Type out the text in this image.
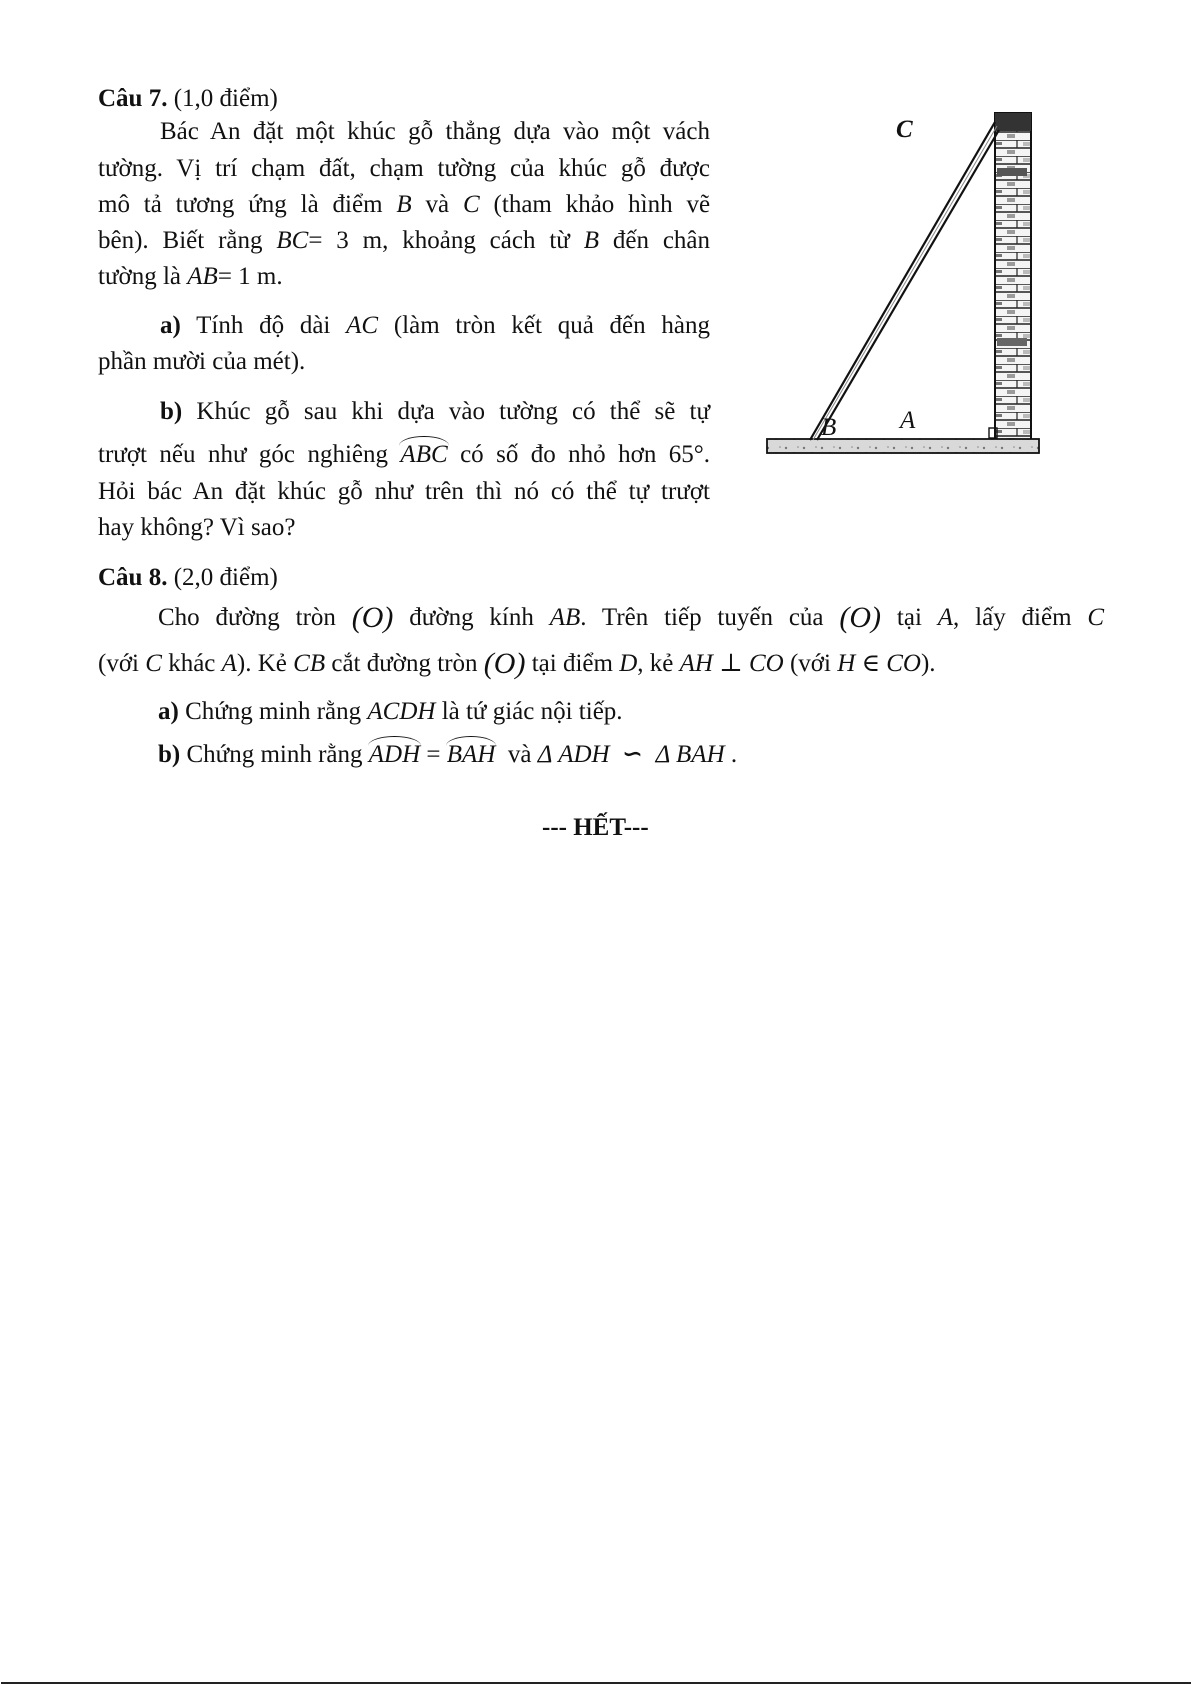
Câu 7. (1,0 điểm)
Bác An đặt một khúc gỗ thẳng dựa vào một vách
tường. Vị trí chạm đất, chạm tường của khúc gỗ được
mô tả tương ứng là điểm B và C (tham khảo hình vẽ
bên). Biết rằng BC= 3 m, khoảng cách từ B đến chân
tường là AB= 1 m.
a) Tính độ dài AC (làm tròn kết quả đến hàng
phần mười của mét).
b) Khúc gỗ sau khi dựa vào tường có thể sẽ tự
trượt nếu như góc nghiêng ABC có số đo nhỏ hơn 65°.
Hỏi bác An đặt khúc gỗ như trên thì nó có thể tự trượt
hay không? Vì sao?
C
B	A
Câu 8. (2,0 điểm)
Cho đường tròn (O) đường kính AB. Trên tiếp tuyến của (O) tại A, lấy điểm C
(với C khác A). Kẻ CB cắt đường tròn (O) tại điểm D, kẻ AH ⊥ CO (với H ∈ CO).
a) Chứng minh rằng ACDH là tứ giác nội tiếp.
b) Chứng minh rằng ADH = BAH và Δ ADH ∽ Δ BAH .
--- HẾT---
